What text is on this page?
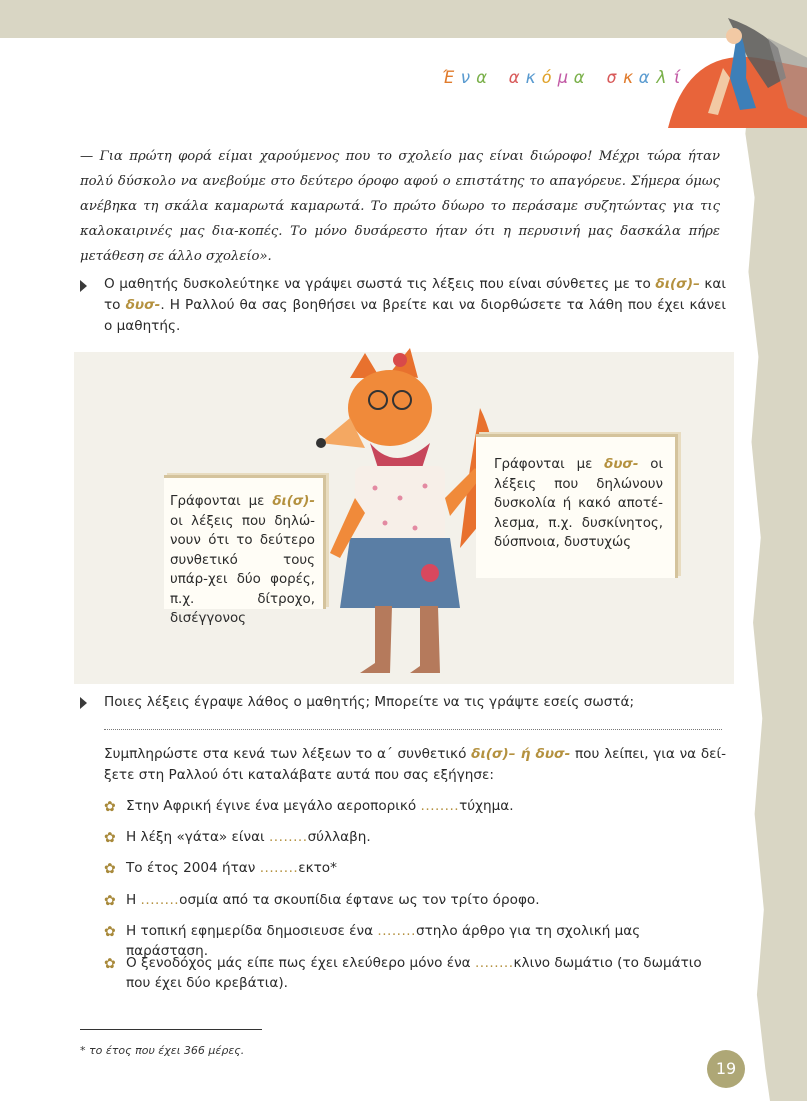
Ένα ακόμα σκαλί
— Για πρώτη φορά είμαι χαρούμενος που το σχολείο μας είναι διώροφο! Μέχρι τώρα ήταν πολύ δύσκολο να ανεβούμε στο δεύτερο όροφο αφού ο επιστάτης το απαγόρευε. Σήμερα όμως ανέβηκα τη σκάλα καμαρωτά καμαρωτά. Το πρώτο δύωρο το περάσαμε συζητώντας για τις καλοκαιρινές μας δια-κοπές. Το μόνο δυσάρεστο ήταν ότι η περυσινή μας δασκάλα πήρε μετάθεση σε άλλο σχολείο».
Ο μαθητής δυσκολεύτηκε να γράψει σωστά τις λέξεις που είναι σύνθετες με το δι(σ)– και το δυσ-. Η Ραλλού θα σας βοηθήσει να βρείτε και να διορθώσετε τα λάθη που έχει κάνει ο μαθητής.
Γράφονται με δι(σ)- οι λέξεις που δηλώ-νουν ότι το δεύτερο συνθετικό τους υπάρ-χει δύο φορές, π.χ. δίτροχο, δισέγγονος
Γράφονται με δυσ- οι λέξεις που δηλώνουν δυσκολία ή κακό αποτέ-λεσμα, π.χ. δυσκίνητος, δύσπνοια, δυστυχώς
Ποιες λέξεις έγραψε λάθος ο μαθητής; Μπορείτε να τις γράψτε εσείς σωστά;
Συμπληρώστε στα κενά των λέξεων το α΄ συνθετικό δι(σ)– ή δυσ- που λείπει, για να δεί-ξετε στη Ραλλού ότι καταλάβατε αυτά που σας εξήγησε:
✿ Στην Αφρική έγινε ένα μεγάλο αεροπορικό ........τύχημα.
✿ Η λέξη «γάτα» είναι ........σύλλαβη.
✿ Το έτος 2004 ήταν ........εκτο*
✿ Η ........οσμία από τα σκουπίδια έφτανε ως τον τρίτο όροφο.
✿ Η τοπική εφημερίδα δημοσιευσε ένα ........στηλο άρθρο για τη σχολική μας παράσταση.
✿ Ο ξενοδόχος μάς είπε πως έχει ελεύθερο μόνο ένα ........κλινο δωμάτιο (το δωμάτιο που έχει δύο κρεβάτια).
* το έτος που έχει 366 μέρες.
19
